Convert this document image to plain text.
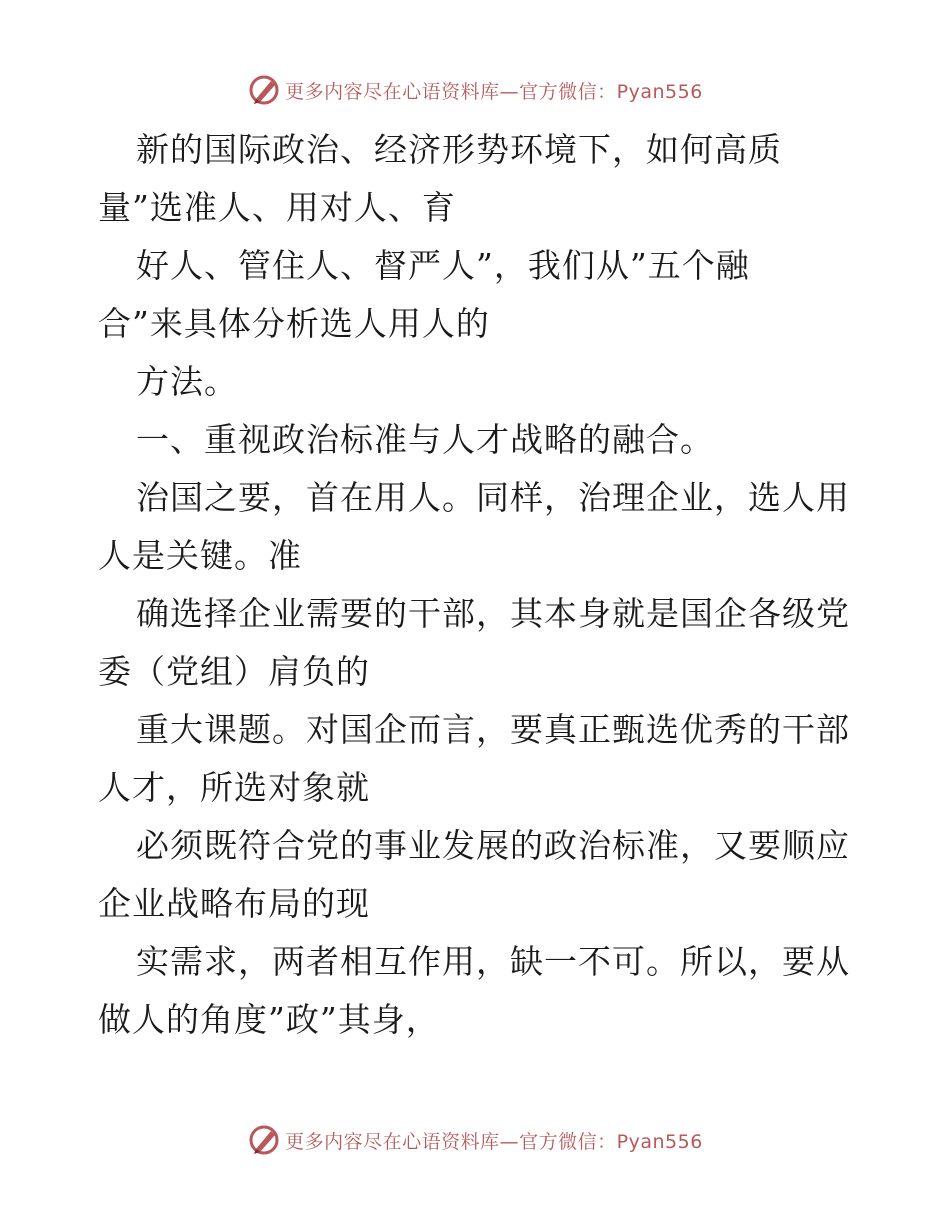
更多内容尽在心语资料库—官方微信：Pyan556
新的国际政治、经济形势环境下，如何高质
量”选准人、用对人、育
好人、管住人、督严人”，我们从”五个融
合”来具体分析选人用人的
方法。
一、重视政治标准与人才战略的融合。
治国之要，首在用人。同样，治理企业，选人用
人是关键。准
确选择企业需要的干部，其本身就是国企各级党
委（党组）肩负的
重大课题。对国企而言，要真正甄选优秀的干部
人才，所选对象就
必须既符合党的事业发展的政治标准，又要顺应
企业战略布局的现
实需求，两者相互作用，缺一不可。所以，要从
做人的角度”政”其身，
更多内容尽在心语资料库—官方微信：Pyan556
